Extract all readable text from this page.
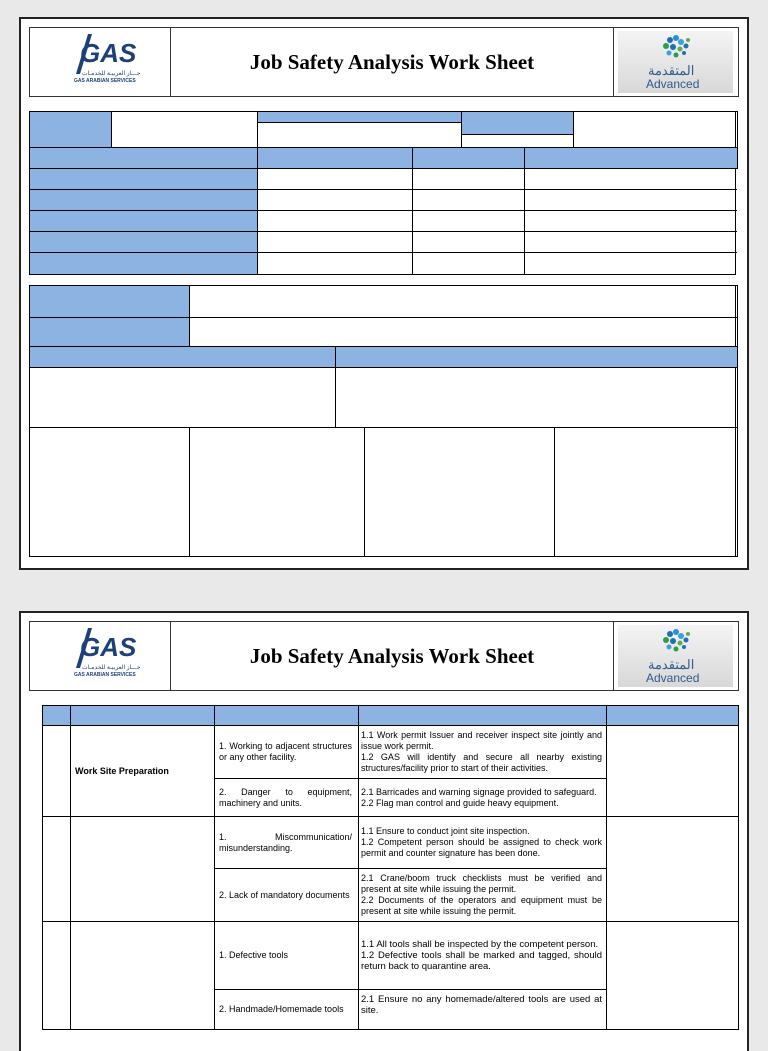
GAS
جـــاز العربيـة للخدمـات
GAS ARABIAN SERVICES
Job Safety Analysis Work Sheet	المتقدمة
Advanced
GAS
جـــاز العربيـة للخدمـات
GAS ARABIAN SERVICES
Job Safety Analysis Work Sheet	المتقدمة
Advanced

	Work Site Preparation	1. Working to adjacent structures or any other facility.	1.1 Work permit Issuer and receiver inspect site jointly and issue work permit.
1.2 GAS will identify and secure all nearby existing structures/facility prior to start of their activities.	

		2. Danger to equipment, machinery and units.	2.1 Barricades and warning signage provided to safeguard.
2.2 Flag man control and guide heavy equipment.	

		1. Miscommunication/ misunderstanding.	1.1 Ensure to conduct joint site inspection.
1.2 Competent person should be assigned to check work permit and counter signature has been done.	

		2. Lack of mandatory documents	2.1 Crane/boom truck checklists must be verified and present at site while issuing the permit.
2.2 Documents of the operators and equipment must be present at site while issuing the permit.	

		1. Defective tools	1.1 All tools shall be inspected by the competent person.
1.2 Defective tools shall be marked and tagged, should return back to quarantine area.	

		2. Handmade/Homemade tools	2.1 Ensure no any homemade/altered tools are used at site.	
